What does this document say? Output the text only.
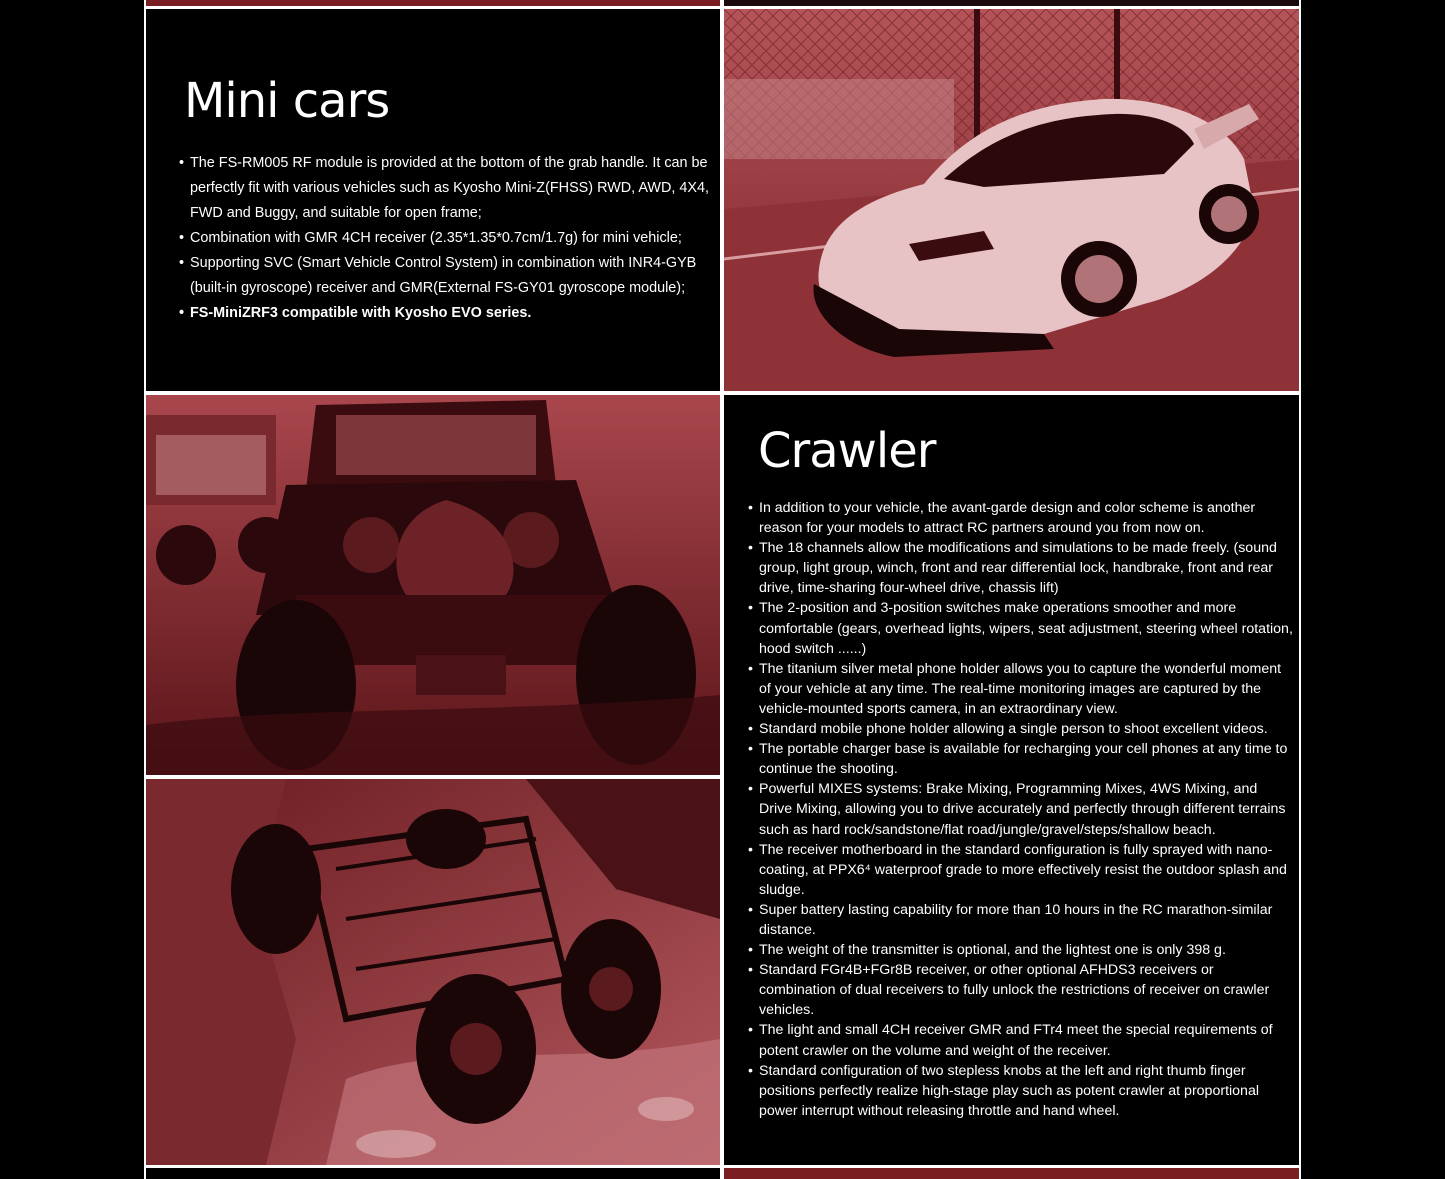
Mini cars
• The FS-RM005 RF module is provided at the bottom of the grab handle. It can be perfectly fit with various vehicles such as Kyosho Mini-Z(FHSS) RWD, AWD, 4X4, FWD and Buggy, and suitable for open frame;
• Combination with GMR 4CH receiver (2.35*1.35*0.7cm/1.7g) for mini vehicle;
• Supporting SVC (Smart Vehicle Control System) in combination with INR4-GYB (built-in gyroscope) receiver and GMR(External FS-GY01 gyroscope module);
• FS-MiniZRF3 compatible with Kyosho EVO series.
Crawler
• In addition to your vehicle, the avant-garde design and color scheme is another reason for your models to attract RC partners around you from now on.
• The 18 channels allow the modifications and simulations to be made freely. (sound group, light group, winch, front and rear differential lock, handbrake, front and rear drive, time-sharing four-wheel drive, chassis lift)
• The 2-position and 3-position switches make operations smoother and more comfortable (gears, overhead lights, wipers, seat adjustment, steering wheel rotation, hood switch ......)
• The titanium silver metal phone holder allows you to capture the wonderful moment of your vehicle at any time. The real-time monitoring images are captured by the vehicle-mounted sports camera, in an extraordinary view.
• Standard mobile phone holder allowing a single person to shoot excellent videos.
• The portable charger base is available for recharging your cell phones at any time to continue the shooting.
• Powerful MIXES systems: Brake Mixing, Programming Mixes, 4WS Mixing, and Drive Mixing, allowing you to drive accurately and perfectly through different terrains such as hard rock/sandstone/flat road/jungle/gravel/steps/shallow beach.
• The receiver motherboard in the standard configuration is fully sprayed with nano-coating, at PPX6⁴ waterproof grade to more effectively resist the outdoor splash and sludge.
• Super battery lasting capability for more than 10 hours in the RC marathon-similar distance.
• The weight of the transmitter is optional, and the lightest one is only 398 g.
• Standard FGr4B+FGr8B receiver, or other optional AFHDS3 receivers or combination of dual receivers to fully unlock the restrictions of receiver on crawler vehicles.
• The light and small 4CH receiver GMR and FTr4 meet the special requirements of potent crawler on the volume and weight of the receiver.
• Standard configuration of two stepless knobs at the left and right thumb finger positions perfectly realize high-stage play such as potent crawler at proportional power interrupt without releasing throttle and hand wheel.
